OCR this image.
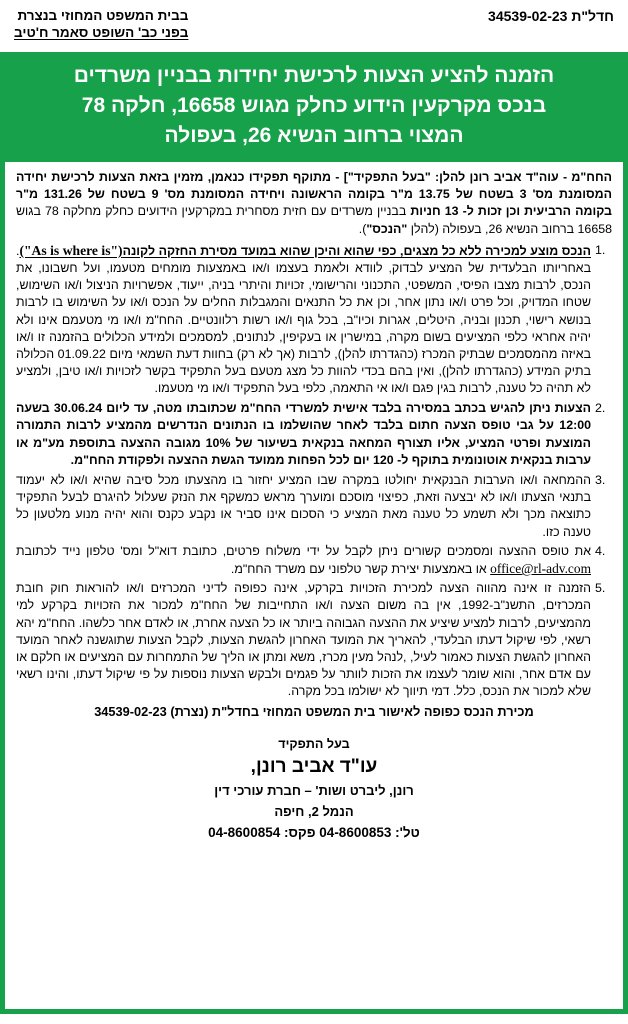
בבית המשפט המחוזי בנצרת
בפני כב' השופט סאמר ח'טיב
חדל"ת 34539-02-23
הזמנה להציע הצעות לרכישת יחידות בבניין משרדים
בנכס מקרקעין הידוע כחלק מגוש 16658, חלקה 78
המצוי ברחוב הנשיא 26, בעפולה

החח"מ - עוה"ד אביב רונן להלן: "בעל התפקיד"] - מתוקף תפקידו כנאמן, מזמין בזאת הצעות לרכישת יחידה המסומנת מס' 3 בשטח של 13.75 מ"ר בקומה הראשונה ויחידה המסומנת מס' 9 בשטח של 131.26 מ"ר בקומה הרביעית וכן זכות ל- 13 חניות בבניין משרדים עם חזית מסחרית במקרקעין הידועים כחלק מחלקה 78 בגוש 16658 ברחוב הנשיא 26, בעפולה (להלן "הנכס").

הנכס מוצע למכירה ללא כל מצגים, כפי שהוא והיכן שהוא במועד מסירת החזקה לקונה("As is where is"). באחריותו הבלעדית של המציע לבדוק, לוודא ולאמת בעצמו ו/או באמצעות מומחים מטעמו, ועל חשבונו, את הנכס, לרבות מצבו הפיסי, המשפטי, התכנוני והרישומי, זכויות והיתרי בניה, ייעוד, אפשרויות הניצול ו/או השימוש, שטחו המדויק, וכל פרט ו/או נתון אחר, וכן את כל התנאים והמגבלות החלים על הנכס ו/או על השימוש בו לרבות בנושא רישוי, תכנון ובניה, היטלים, אגרות וכיו"ב, בכל גוף ו/או רשות רלוונטיים. החח"מ ו/או מי מטעמם אינו ולא יהיה אחראי כלפי המציעים בשום מקרה, במישרין או בעקיפין, לנתונים, למסמכים ולמידע הכלולים בהזמנה זו ו/או באיזה מהמסמכים שבתיק המכרז (כהגדרתו להלן), לרבות (אך לא רק) בחוות דעת השמאי מיום 01.09.22 הכלולה בתיק המידע (כהגדרתו להלן), ואין בהם בכדי להוות כל מצג מטעם בעל התפקיד בקשר לזכויות ו/או טיבן, ולמציע לא תהיה כל טענה, לרבות בגין פגם ו/או אי התאמה, כלפי בעל התפקיד ו/או מי מטעמו.

הצעות ניתן להגיש בכתב במסירה בלבד אישית למשרדי החח"מ שכתובתו מטה, עד ליום 30.06.24 בשעה 12:00 על גבי טופס הצעה חתום בלבד לאחר שהושלמו בו הנתונים הנדרשים מהמציע לרבות התמורה המוצעת ופרטי המציע, אליו תצורף המחאה בנקאית בשיעור של 10% מגובה ההצעה בתוספת מע"מ או ערבות בנקאית אוטונומית בתוקף ל- 120 יום לכל הפחות ממועד הגשת ההצעה ולפקודת החח"מ.

ההמחאה ו/או הערבות הבנקאית יחולטו במקרה שבו המציע יחזור בו מהצעתו מכל סיבה שהיא ו/או לא יעמוד בתנאי הצעתו ו/או לא יבצעה וזאת, כפיצוי מוסכם ומוערך מראש כמשקף את הנזק שעלול להיגרם לבעל התפקיד כתוצאה מכך ולא תשמע כל טענה מאת המציע כי הסכום אינו סביר או נקבע כקנס והוא יהיה מנוע מלטעון כל טענה כזו.

את טופס ההצעה ומסמכים קשורים ניתן לקבל על ידי משלוח פרטים, כתובת דוא"ל ומס' טלפון נייד לכתובת office@rl-adv.com או באמצעות יצירת קשר טלפוני עם משרד החח"מ.

הזמנה זו אינה מהווה הצעה למכירת הזכויות בקרקע, אינה כפופה לדיני המכרזים ו/או להוראות חוק חובת המכרזים, התשנ"ב-1992, אין בה משום הצעה ו/או התחייבות של החח"מ למכור את הזכויות בקרקע למי מהמציעים, לרבות למציע שיציע את ההצעה הגבוהה ביותר או כל הצעה אחרת, או לאדם אחר כלשהו. החח"מ יהא רשאי, לפי שיקול דעתו הבלעדי, להאריך את המועד האחרון להגשת הצעות, לקבל הצעות שתוגשנה לאחר המועד האחרון להגשת הצעות כאמור לעיל, ,לנהל מעין מכרז, משא ומתן או הליך של התמחרות עם המציעים או חלקם או עם אדם אחר, והוא שומר לעצמו את הזכות לוותר על פגמים ולבקש הצעות נוספות על פי שיקול דעתו, והינו רשאי שלא למכור את הנכס, כלל. דמי תיווך לא ישולמו בכל מקרה.

מכירת הנכס כפופה לאישור בית המשפט המחוזי בחדל"ת (נצרת) 34539-02-23

בעל התפקיד
עו"ד אביב רונן,
רונן, ליברט ושות' – חברת עורכי דין
הנמל 2, חיפה
טל': 04-8600853 פקס: 04-8600854
